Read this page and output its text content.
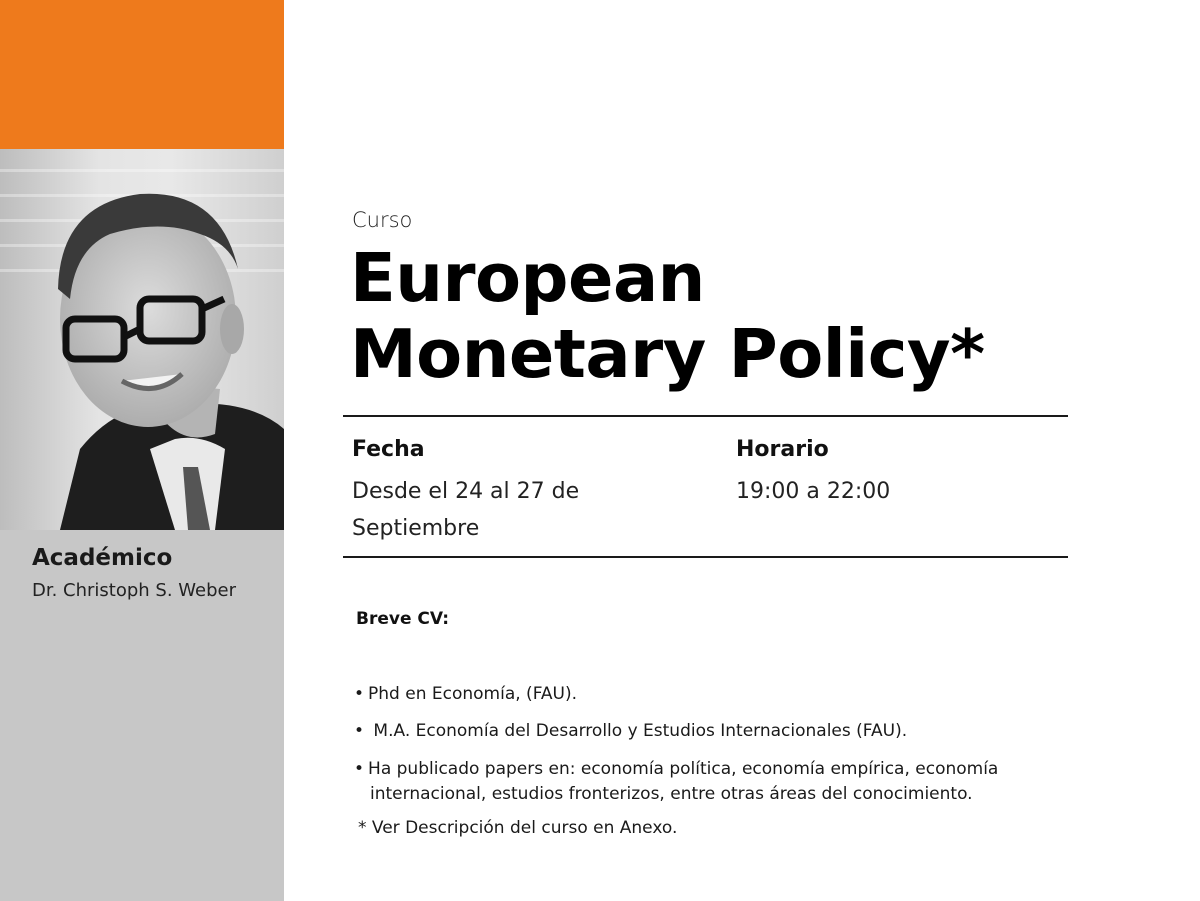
Académico
Dr. Christoph S. Weber
Curso
European
Monetary Policy*
Fecha
Desde el 24 al 27 de
Septiembre
Horario
19:00 a 22:00
Breve CV:
• Phd en Economía, (FAU).
• M.A. Economía del Desarrollo y Estudios Internacionales (FAU).
• Ha publicado papers en: economía política, economía empírica, economía
internacional, estudios fronterizos, entre otras áreas del conocimiento.
* Ver Descripción del curso en Anexo.
